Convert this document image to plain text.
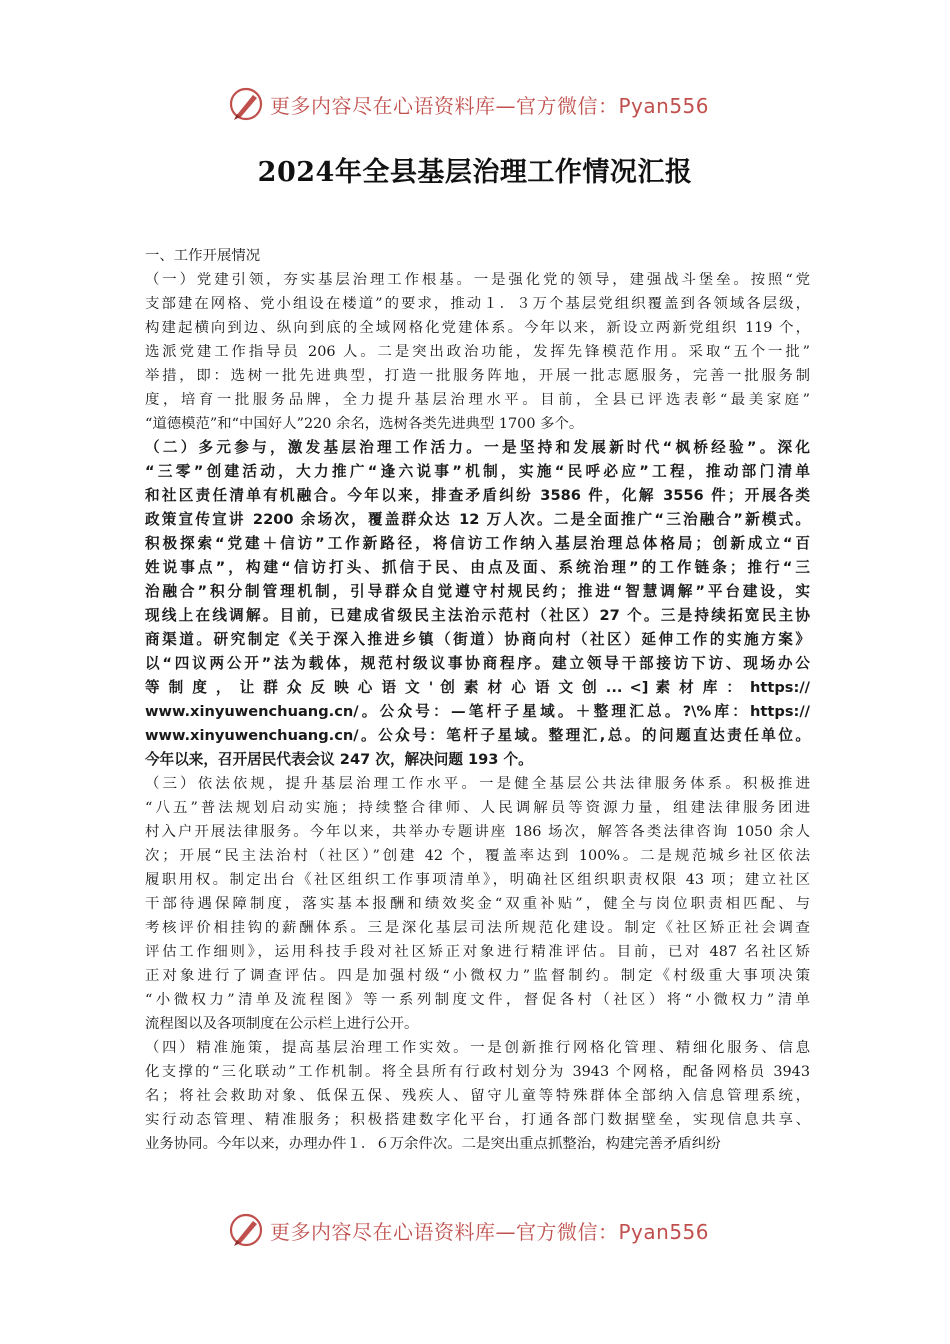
更多内容尽在心语资料库—官方微信：Pyan556
2024年全县基层治理工作情况汇报
一、工作开展情况
（一）党建引领，夯实基层治理工作根基。一是强化党的领导，建强战斗堡垒。按照“党
支部建在网格、党小组设在楼道”的要求，推动１．３万个基层党组织覆盖到各领域各层级，
构建起横向到边、纵向到底的全域网格化党建体系。今年以来，新设立两新党组织 119 个，
选派党建工作指导员 206 人。二是突出政治功能，发挥先锋模范作用。采取“五个一批”
举措，即：选树一批先进典型，打造一批服务阵地，开展一批志愿服务，完善一批服务制
度，培育一批服务品牌，全力提升基层治理水平。目前，全县已评选表彰“最美家庭”
“道德模范”和“中国好人”220 余名，选树各类先进典型 1700 多个。
（二）多元参与，激发基层治理工作活力。一是坚持和发展新时代“枫桥经验”。深化
“三零”创建活动，大力推广“逢六说事”机制，实施“民呼必应”工程，推动部门清单
和社区责任清单有机融合。今年以来，排查矛盾纠纷 3586 件，化解 3556 件；开展各类
政策宣传宣讲 2200 余场次，覆盖群众达 12 万人次。二是全面推广“三治融合”新模式。
积极探索“党建＋信访”工作新路径，将信访工作纳入基层治理总体格局；创新成立“百
姓说事点”，构建“信访打头、抓信于民、由点及面、系统治理”的工作链条；推行“三
治融合”积分制管理机制，引导群众自觉遵守村规民约；推进“智慧调解”平台建设，实
现线上在线调解。目前，已建成省级民主法治示范村（社区）27 个。三是持续拓宽民主协
商渠道。研究制定《关于深入推进乡镇（街道）协商向村（社区）延伸工作的实施方案》
以“四议两公开”法为载体，规范村级议事协商程序。建立领导干部接访下访、现场办公
等 制 度 ， 让 群 众 反 映 心 语 文 ' 创 素 材 心 语 文 创 ... <] 素 材 库 ： https://
www.xinyuwenchuang.cn/。公众号：—笔杆子星域。＋整理汇总。?\%库：https://
www.xinyuwenchuang.cn/。公众号：笔杆子星域。整理汇,总。的问题直达责任单位。
今年以来，召开居民代表会议 247 次，解决问题 193 个。
（三）依法依规，提升基层治理工作水平。一是健全基层公共法律服务体系。积极推进
“八五”普法规划启动实施；持续整合律师、人民调解员等资源力量，组建法律服务团进
村入户开展法律服务。今年以来，共举办专题讲座 186 场次，解答各类法律咨询 1050 余人
次；开展“民主法治村（社区）”创建 42 个，覆盖率达到 100%。二是规范城乡社区依法
履职用权。制定出台《社区组织工作事项清单》，明确社区组织职责权限 43 项；建立社区
干部待遇保障制度，落实基本报酬和绩效奖金“双重补贴”，健全与岗位职责相匹配、与
考核评价相挂钩的薪酬体系。三是深化基层司法所规范化建设。制定《社区矫正社会调查
评估工作细则》，运用科技手段对社区矫正对象进行精准评估。目前，已对 487 名社区矫
正对象进行了调查评估。四是加强村级“小微权力”监督制约。制定《村级重大事项决策
“小微权力”清单及流程图》等一系列制度文件，督促各村（社区）将“小微权力”清单
流程图以及各项制度在公示栏上进行公开。
（四）精准施策，提高基层治理工作实效。一是创新推行网格化管理、精细化服务、信息
化支撑的“三化联动”工作机制。将全县所有行政村划分为 3943 个网格，配备网格员 3943
名；将社会救助对象、低保五保、残疾人、留守儿童等特殊群体全部纳入信息管理系统，
实行动态管理、精准服务；积极搭建数字化平台，打通各部门数据壁垒，实现信息共享、
业务协同。今年以来，办理办件１．６万余件次。二是突出重点抓整治，构建完善矛盾纠纷
更多内容尽在心语资料库—官方微信：Pyan556
